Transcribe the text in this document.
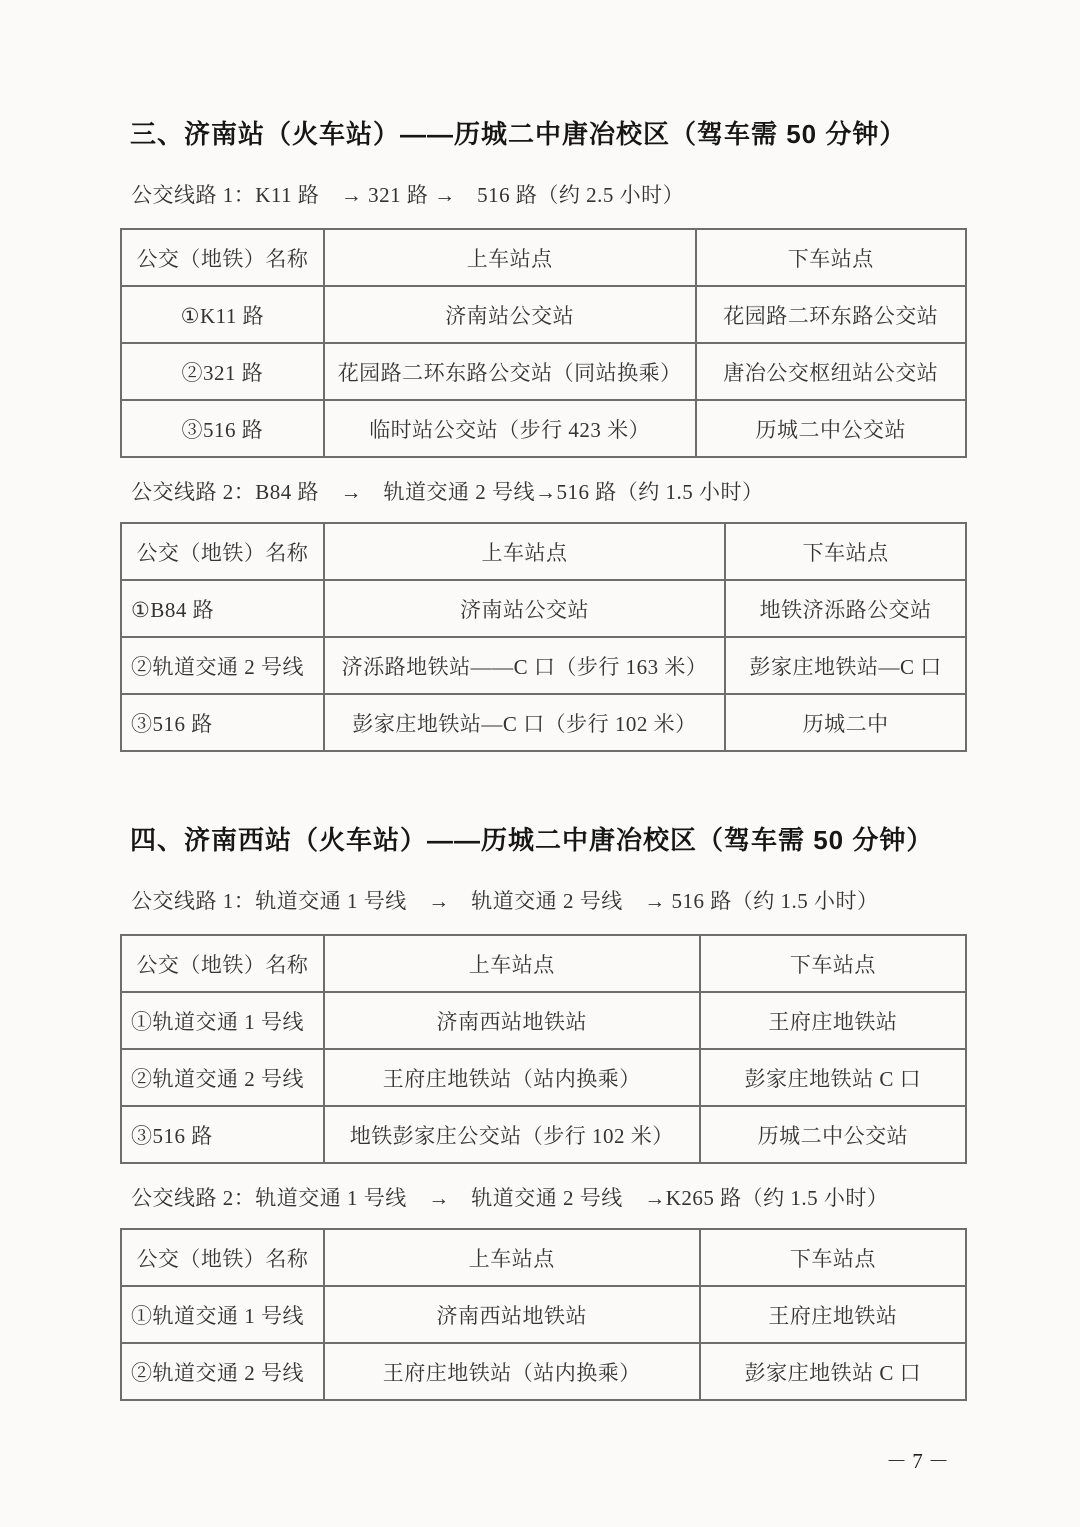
三、济南站（火车站）——历城二中唐冶校区（驾车需 50 分钟）
公交线路 1：K11 路　→ 321 路 →　516 路（约 2.5 小时）
公交（地铁）名称	上车站点	下车站点
①K11 路	济南站公交站	花园路二环东路公交站
②321 路	花园路二环东路公交站（同站换乘）	唐冶公交枢纽站公交站
③516 路	临时站公交站（步行 423 米）	历城二中公交站
公交线路 2：B84 路　→　轨道交通 2 号线→516 路（约 1.5 小时）
公交（地铁）名称	上车站点	下车站点
①B84 路	济南站公交站	地铁济泺路公交站
②轨道交通 2 号线	济泺路地铁站——C 口（步行 163 米）	彭家庄地铁站—C 口
③516 路	彭家庄地铁站—C 口（步行 102 米）	历城二中
四、济南西站（火车站）——历城二中唐冶校区（驾车需 50 分钟）
公交线路 1：轨道交通 1 号线　→　轨道交通 2 号线　→ 516 路（约 1.5 小时）
公交（地铁）名称	上车站点	下车站点
①轨道交通 1 号线	济南西站地铁站	王府庄地铁站
②轨道交通 2 号线	王府庄地铁站（站内换乘）	彭家庄地铁站 C 口
③516 路	地铁彭家庄公交站（步行 102 米）	历城二中公交站
公交线路 2：轨道交通 1 号线　→　轨道交通 2 号线　→K265 路（约 1.5 小时）
公交（地铁）名称	上车站点	下车站点
①轨道交通 1 号线	济南西站地铁站	王府庄地铁站
②轨道交通 2 号线	王府庄地铁站（站内换乘）	彭家庄地铁站 C 口
－ 7 －
